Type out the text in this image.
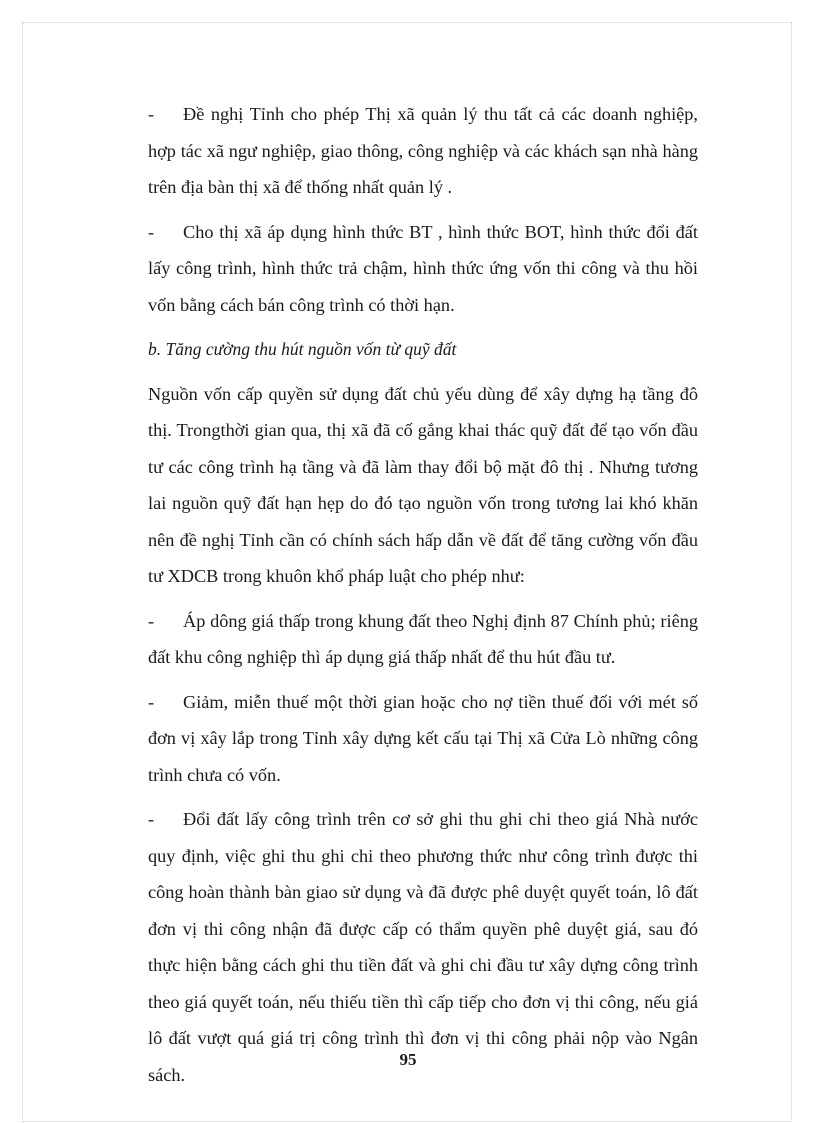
- Đề nghị Tỉnh cho phép Thị xã quản lý thu tất cả các doanh nghiệp, hợp tác xã ngư nghiệp, giao thông, công nghiệp và các khách sạn nhà hàng trên địa bàn thị xã để thống nhất quản lý .

- Cho thị xã áp dụng hình thức BT , hình thức BOT, hình thức đổi đất lấy công trình, hình thức trả chậm, hình thức ứng vốn thi công và thu hồi vốn bằng cách bán công trình có thời hạn.

b. Tăng cường thu hút nguồn vốn từ quỹ đất

Nguồn vốn cấp quyền sử dụng đất chủ yếu dùng để xây dựng hạ tầng đô thị. Trongthời gian qua, thị xã đã cố gắng khai thác quỹ đất để tạo vốn đầu tư các công trình hạ tầng và đã làm thay đổi bộ mặt đô thị . Nhưng tương lai nguồn quỹ đất hạn hẹp do đó tạo nguồn vốn trong tương lai khó khăn nên đề nghị Tỉnh cần có chính sách hấp dẫn về đất để tăng cường vốn đầu tư XDCB trong khuôn khổ pháp luật cho phép như:

- Áp dông giá thấp trong khung đất theo Nghị định 87 Chính phủ; riêng đất khu công nghiệp thì áp dụng giá thấp nhất để thu hút đầu tư.

- Giảm, miễn thuế một thời gian hoặc cho nợ tiền thuế đối với mét số đơn vị xây lắp trong Tỉnh xây dựng kết cấu tại Thị xã Cửa Lò những công trình chưa có vốn.

- Đổi đất lấy công trình trên cơ sở ghi thu ghi chi theo giá Nhà nước quy định, việc ghi thu ghi chi theo phương thức như công trình được thi công hoàn thành bàn giao sử dụng và đã được phê duyệt quyết toán, lô đất đơn vị thi công nhận đã được cấp có thẩm quyền phê duyệt giá, sau đó thực hiện bằng cách ghi thu tiền đất và ghi chi đầu tư xây dựng công trình theo giá quyết toán, nếu thiếu tiền thì cấp tiếp cho đơn vị thi công, nếu giá lô đất vượt quá giá trị công trình thì đơn vị thi công phải nộp vào Ngân sách.

95
